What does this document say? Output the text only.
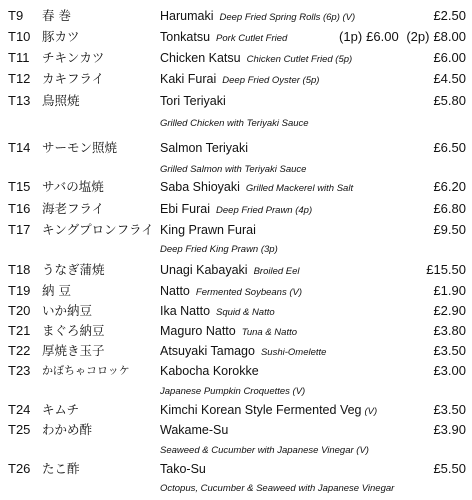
T9 春 巻	Harumaki Deep Fried Spring Rolls (6p) (V)	£2.50
T10 豚カツ	Tonkatsu Pork Cutlet Fried	(1p) £6.00 (2p) £8.00
T11 チキンカツ	Chicken Katsu Chicken Cutlet Fried (5p)	£6.00
T12 カキフライ	Kaki Furai Deep Fried Oyster (5p)	£4.50
T13 鳥照焼	Tori Teriyaki	£5.80
Grilled Chicken with Teriyaki Sauce
T14 サーモン照焼	Salmon Teriyaki	£6.50
Grilled Salmon with Teriyaki Sauce
T15 サバの塩焼	Saba Shioyaki Grilled Mackerel with Salt	£6.20
T16 海老フライ	Ebi Furai Deep Fried Prawn (4p)	£6.80
T17 キングプロンフライ King Prawn Furai	£9.50
Deep Fried King Prawn (3p)
T18 うなぎ蒲焼	Unagi Kabayaki Broiled Eel	£15.50
T19 納 豆	Natto Fermented Soybeans (V)	£1.90
T20 いか納豆	Ika Natto Squid & Natto	£2.90
T21 まぐろ納豆	Maguro Natto Tuna & Natto	£3.80
T22 厚焼き玉子	Atsuyaki Tamago Sushi-Omelette	£3.50
T23 かぼちゃコロッケ Kabocha Korokke	£3.00
Japanese Pumpkin Croquettes (V)
T24 キムチ	Kimchi Korean Style Fermented Veg (V)	£3.50
T25 わかめ酢	Wakame-Su	£3.90
Seaweed & Cucumber with Japanese Vinegar (V)
T26 たこ酢	Tako-Su	£5.50
Octopus, Cucumber & Seaweed with Japanese Vinegar
